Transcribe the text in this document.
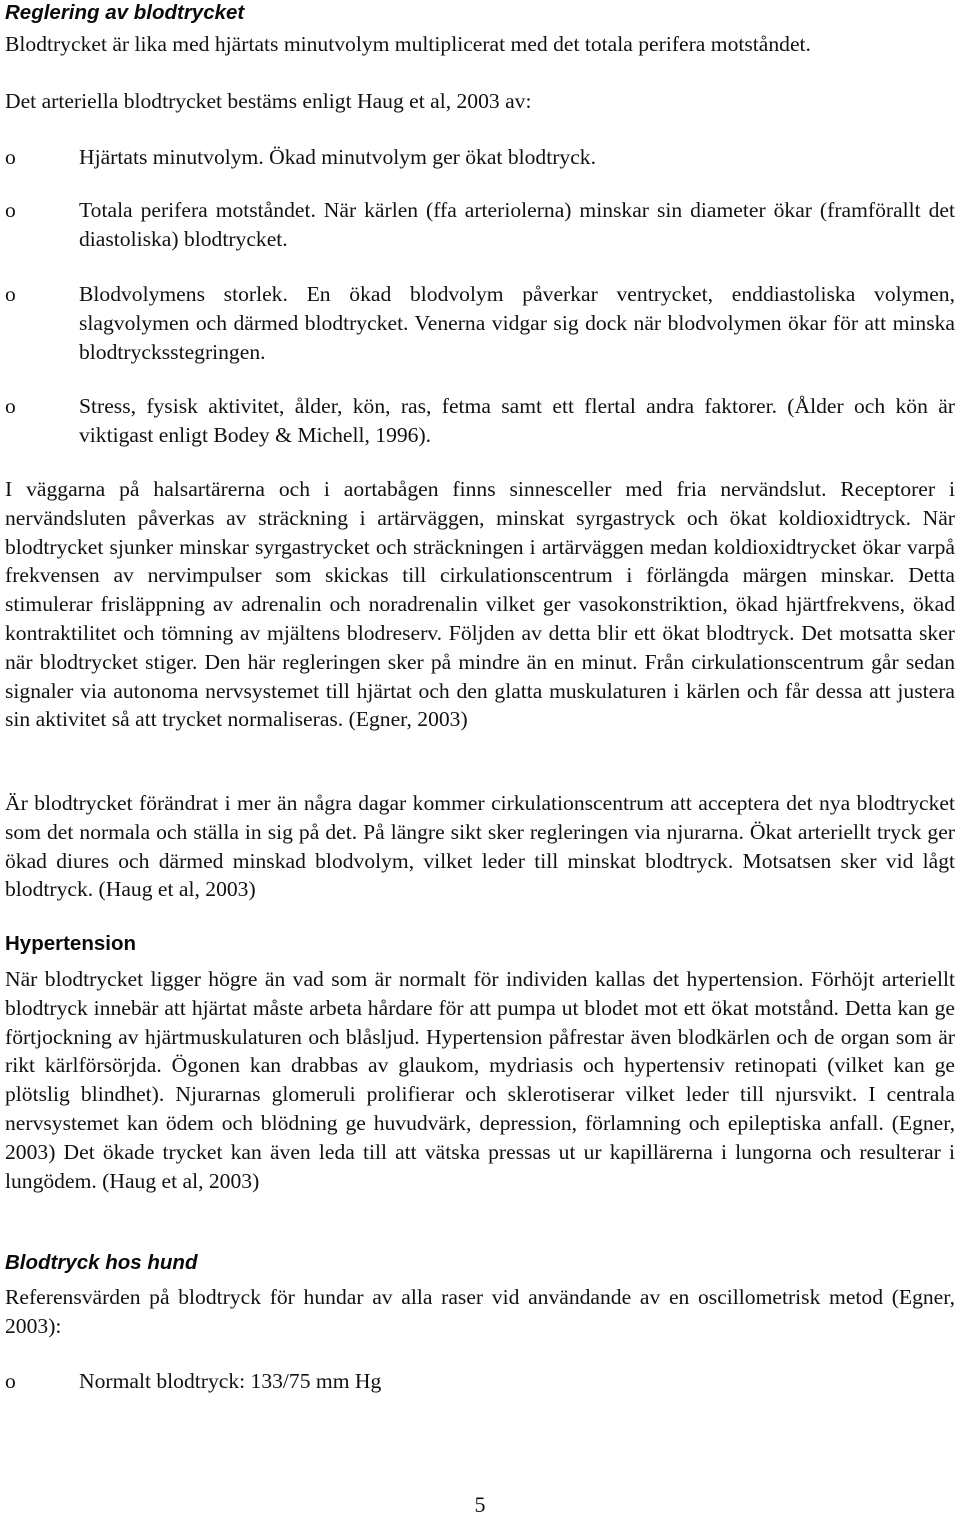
Reglering av blodtrycket

Blodtrycket är lika med hjärtats minutvolym multiplicerat med det totala perifera motståndet.

Det arteriella blodtrycket bestäms enligt Haug et al, 2003 av:

o	Hjärtats minutvolym. Ökad minutvolym ger ökat blodtryck.
o	Totala perifera motståndet. När kärlen (ffa arteriolerna) minskar sin diameter ökar (framförallt det diastoliska) blodtrycket.
o	Blodvolymens storlek. En ökad blodvolym påverkar ventrycket, enddiastoliska volymen, slagvolymen och därmed blodtrycket. Venerna vidgar sig dock när blodvolymen ökar för att minska blodtrycksstegringen.
o	Stress, fysisk aktivitet, ålder, kön, ras, fetma samt ett flertal andra faktorer. (Ålder och kön är viktigast enligt Bodey & Michell, 1996).

I väggarna på halsartärerna och i aortabågen finns sinnesceller med fria nervändslut. Receptorer i nervändsluten påverkas av sträckning i artärväggen, minskat syrgastryck och ökat koldioxidtryck. När blodtrycket sjunker minskar syrgastrycket och sträckningen i artärväggen medan koldioxidtrycket ökar varpå frekvensen av nervimpulser som skickas till cirkulationscentrum i förlängda märgen minskar. Detta stimulerar frisläppning av adrenalin och noradrenalin vilket ger vasokonstriktion, ökad hjärtfrekvens, ökad kontraktilitet och tömning av mjältens blodreserv. Följden av detta blir ett ökat blodtryck. Det motsatta sker när blodtrycket stiger. Den här regleringen sker på mindre än en minut. Från cirkulationscentrum går sedan signaler via autonoma nervsystemet till hjärtat och den glatta muskulaturen i kärlen och får dessa att justera sin aktivitet så att trycket normaliseras. (Egner, 2003)

Är blodtrycket förändrat i mer än några dagar kommer cirkulationscentrum att acceptera det nya blodtrycket som det normala och ställa in sig på det. På längre sikt sker regleringen via njurarna. Ökat arteriellt tryck ger ökad diures och därmed minskad blodvolym, vilket leder till minskat blodtryck. Motsatsen sker vid lågt blodtryck. (Haug et al, 2003)

Hypertension

När blodtrycket ligger högre än vad som är normalt för individen kallas det hypertension. Förhöjt arteriellt blodtryck innebär att hjärtat måste arbeta hårdare för att pumpa ut blodet mot ett ökat motstånd. Detta kan ge förtjockning av hjärtmuskulaturen och blåsljud. Hypertension påfrestar även blodkärlen och de organ som är rikt kärlförsörjda. Ögonen kan drabbas av glaukom, mydriasis och hypertensiv retinopati (vilket kan ge plötslig blindhet). Njurarnas glomeruli prolifierar och sklerotiserar vilket leder till njursvikt. I centrala nervsystemet kan ödem och blödning ge huvudvärk, depression, förlamning och epileptiska anfall. (Egner, 2003) Det ökade trycket kan även leda till att vätska pressas ut ur kapillärerna i lungorna och resulterar i lungödem. (Haug et al, 2003)

Blodtryck hos hund

Referensvärden på blodtryck för hundar av alla raser vid användande av en oscillometrisk metod (Egner, 2003):

o	Normalt blodtryck: 133/75 mm Hg
5
